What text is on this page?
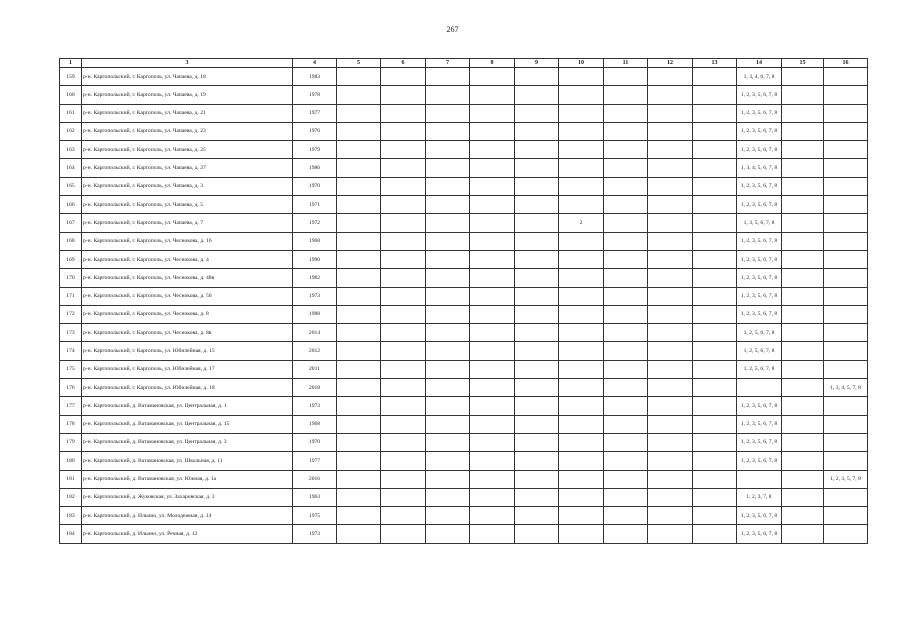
267
1	3	4	5	6	7	8	9	10	11	12	13	14	15	16
159	р-н. Каргопольский, г. Каргополь, ул. Чапаева, д. 18	1983										1, 3, 4, 6, 7, 8		
160	р-н. Каргопольский, г. Каргополь, ул. Чапаева, д. 19	1978										1, 2, 3, 5, 6, 7, 8		
161	р-н. Каргопольский, г. Каргополь, ул. Чапаева, д. 21	1977										1, 2, 3, 5, 6, 7, 8		
162	р-н. Каргопольский, г. Каргополь, ул. Чапаева, д. 23	1976										1, 2, 3, 5, 6, 7, 8		
163	р-н. Каргопольский, г. Каргополь, ул. Чапаева, д. 25	1979										1, 2, 3, 5, 6, 7, 8		
164	р-н. Каргопольский, г. Каргополь, ул. Чапаева, д. 27	1986										1, 3, 4, 5, 6, 7, 8		
165	р-н. Каргопольский, г. Каргополь, ул. Чапаева, д. 3	1970										1, 2, 3, 5, 6, 7, 8		
166	р-н. Каргопольский, г. Каргополь, ул. Чапаева, д. 5	1971										1, 2, 3, 5, 6, 7, 8		
167	р-н. Каргопольский, г. Каргополь, ул. Чапаева, д. 7	1972						2				1, 3, 5, 6, 7, 8		
168	р-н. Каргопольский, г. Каргополь, ул. Чеснокова, д. 16	1968										1, 2, 3, 5, 6, 7, 8		
169	р-н. Каргопольский, г. Каргополь, ул. Чеснокова, д. 4	1990										1, 2, 3, 5, 6, 7, 8		
170	р-н. Каргопольский, г. Каргополь, ул. Чеснокова, д. 48в	1982										1, 2, 3, 5, 6, 7, 8		
171	р-н. Каргопольский, г. Каргополь, ул. Чеснокова, д. 50	1973										1, 2, 3, 5, 6, 7, 8		
172	р-н. Каргопольский, г. Каргополь, ул. Чеснокова, д. 8	1988										1, 2, 3, 5, 6, 7, 8		
173	р-н. Каргопольский, г. Каргополь, ул. Чеснокова, д. 8в	2014										1, 2, 5, 6, 7, 8		
174	р-н. Каргопольский, г. Каргополь, ул. Юбилейная, д. 15	2012										1, 2, 5, 6, 7, 8		
175	р-н. Каргопольский, г. Каргополь, ул. Юбилейная, д. 17	2011										1, 2, 5, 6, 7, 8		
176	р-н. Каргопольский, г. Каргополь, ул. Юбилейная, д. 18	2018												1, 3, 4, 5, 7, 8
177	р-н. Каргопольский, д. Ватамановская, ул. Центральная, д. 1	1973										1, 2, 3, 5, 6, 7, 8		
178	р-н. Каргопольский, д. Ватамановская, ул. Центральная, д. 15	1968										1, 2, 3, 5, 6, 7, 8		
179	р-н. Каргопольский, д. Ватамановская, ул. Центральная, д. 3	1970										1, 2, 3, 5, 6, 7, 8		
180	р-н. Каргопольский, д. Ватамановская, ул. Школьная, д. 11	1977										1, 2, 3, 5, 6, 7, 8		
181	р-н. Каргопольский, д. Ватамановская, ул. Южная, д. 1а	2016												1, 2, 3, 5, 7, 8
182	р-н. Каргопольский, д. Жуковская, ул. Захаровская, д. 3	1963										1, 2, 3, 7, 8		
183	р-н. Каргопольский, д. Ильино, ул. Молодежная, д. 14	1975										1, 2, 3, 5, 6, 7, 8		
184	р-н. Каргопольский, д. Ильино, ул. Речная, д. 12	1973										1, 2, 3, 5, 6, 7, 8		
